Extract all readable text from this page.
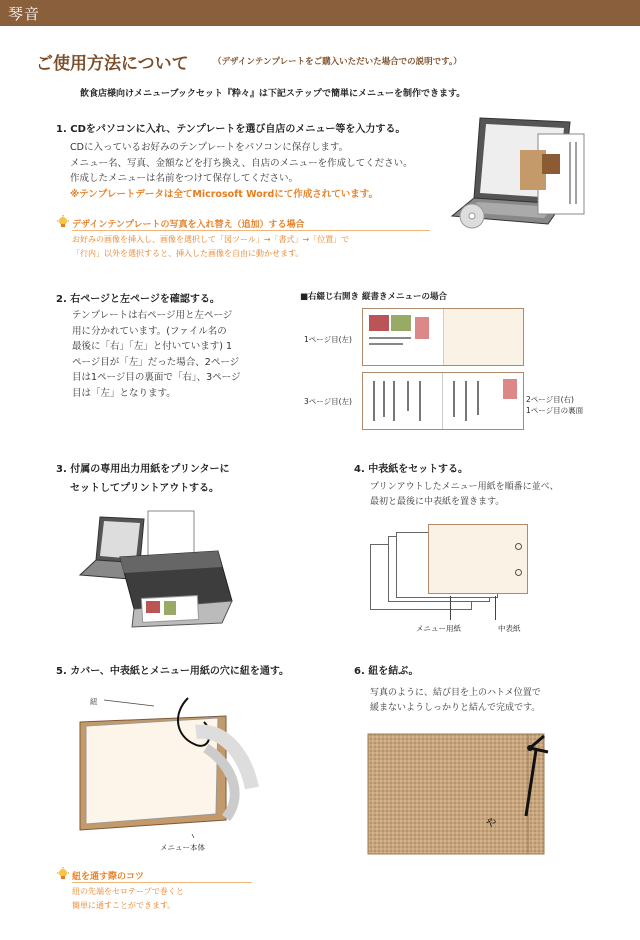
琴音
ご使用方法について	（デザインテンプレートをご購入いただいた場合での説明です。）
飲食店様向けメニューブックセット『粋々』は下記ステップで簡単にメニューを制作できます。
1. CDをパソコンに入れ、テンプレートを選び自店のメニュー等を入力する。
CDに入っているお好みのテンプレートをパソコンに保存します。
メニュー名、写真、金額などを打ち換え、自店のメニューを作成してください。
作成したメニューは名前をつけて保存してください。
※テンプレートデータは全てMicrosoft Wordにて作成されています。
デザインテンプレートの写真を入れ替え（追加）する場合
お好みの画像を挿入し、画像を選択して「図ツール」→「書式」→「位置」で
「行内」以外を選択すると、挿入した画像を自由に動かせます。
2. 右ページと左ページを確認する。
テンプレートは右ページ用と左ページ
用に分かれています。(ファイル名の
最後に「右」「左」と付いています) 1
ページ目が「左」だった場合、2ページ
目は1ページ目の裏面で「右」、3ページ
目は「左」となります。
■右綴じ右開き 縦書きメニューの場合
1ページ目(左)
3ページ目(左)	2ページ目(右)
1ページ目の裏面
3. 付属の専用出力用紙をプリンターに
セットしてプリントアウトする。
4. 中表紙をセットする。
プリンアウトしたメニュー用紙を順番に並べ、
最初と最後に中表紙を置きます。
メニュー用紙	中表紙
5. カバー、中表紙とメニュー用紙の穴に紐を通す。
紐
メニュー本体
紐を通す際のコツ
紐の先端をセロテープで巻くと
簡単に通すことができます。
6. 紐を結ぶ。
写真のように、結び目を上のハトメ位置で
緩まないようしっかりと結んで完成です。
ゃ
